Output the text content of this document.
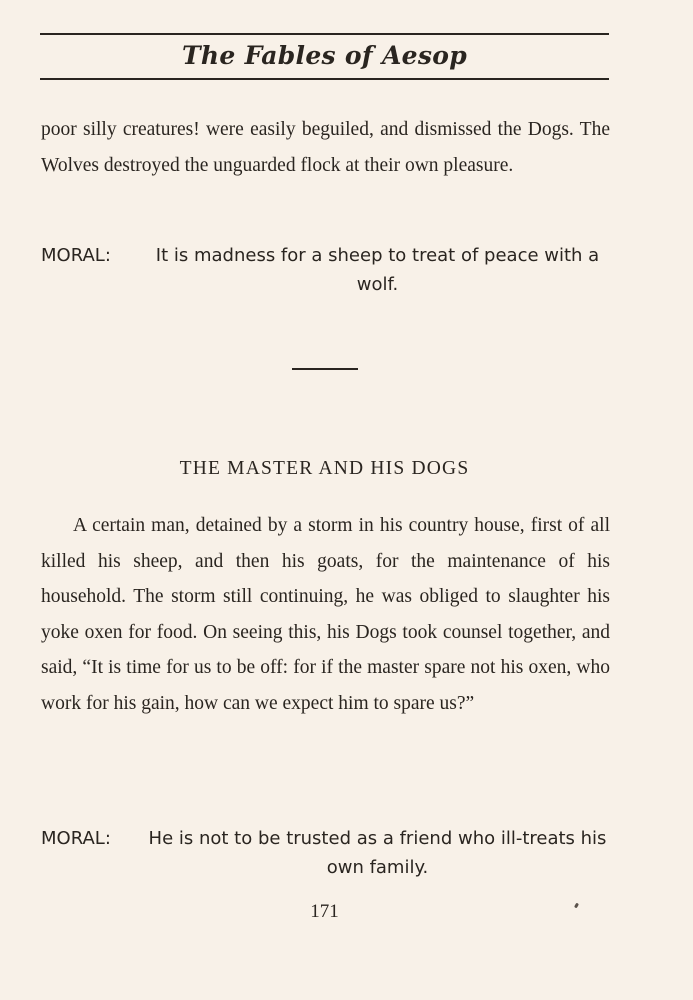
The Fables of Aesop
poor silly creatures! were easily beguiled, and dismissed the Dogs. The Wolves destroyed the unguarded flock at their own pleasure.
MORAL:	It is madness for a sheep to treat of peace with a wolf.
THE MASTER AND HIS DOGS
A certain man, detained by a storm in his country house, first of all killed his sheep, and then his goats, for the maintenance of his household. The storm still continuing, he was obliged to slaughter his yoke oxen for food. On seeing this, his Dogs took counsel together, and said, “It is time for us to be off: for if the master spare not his oxen, who work for his gain, how can we expect him to spare us?”
MORAL:	He is not to be trusted as a friend who ill-treats his own family.
171
